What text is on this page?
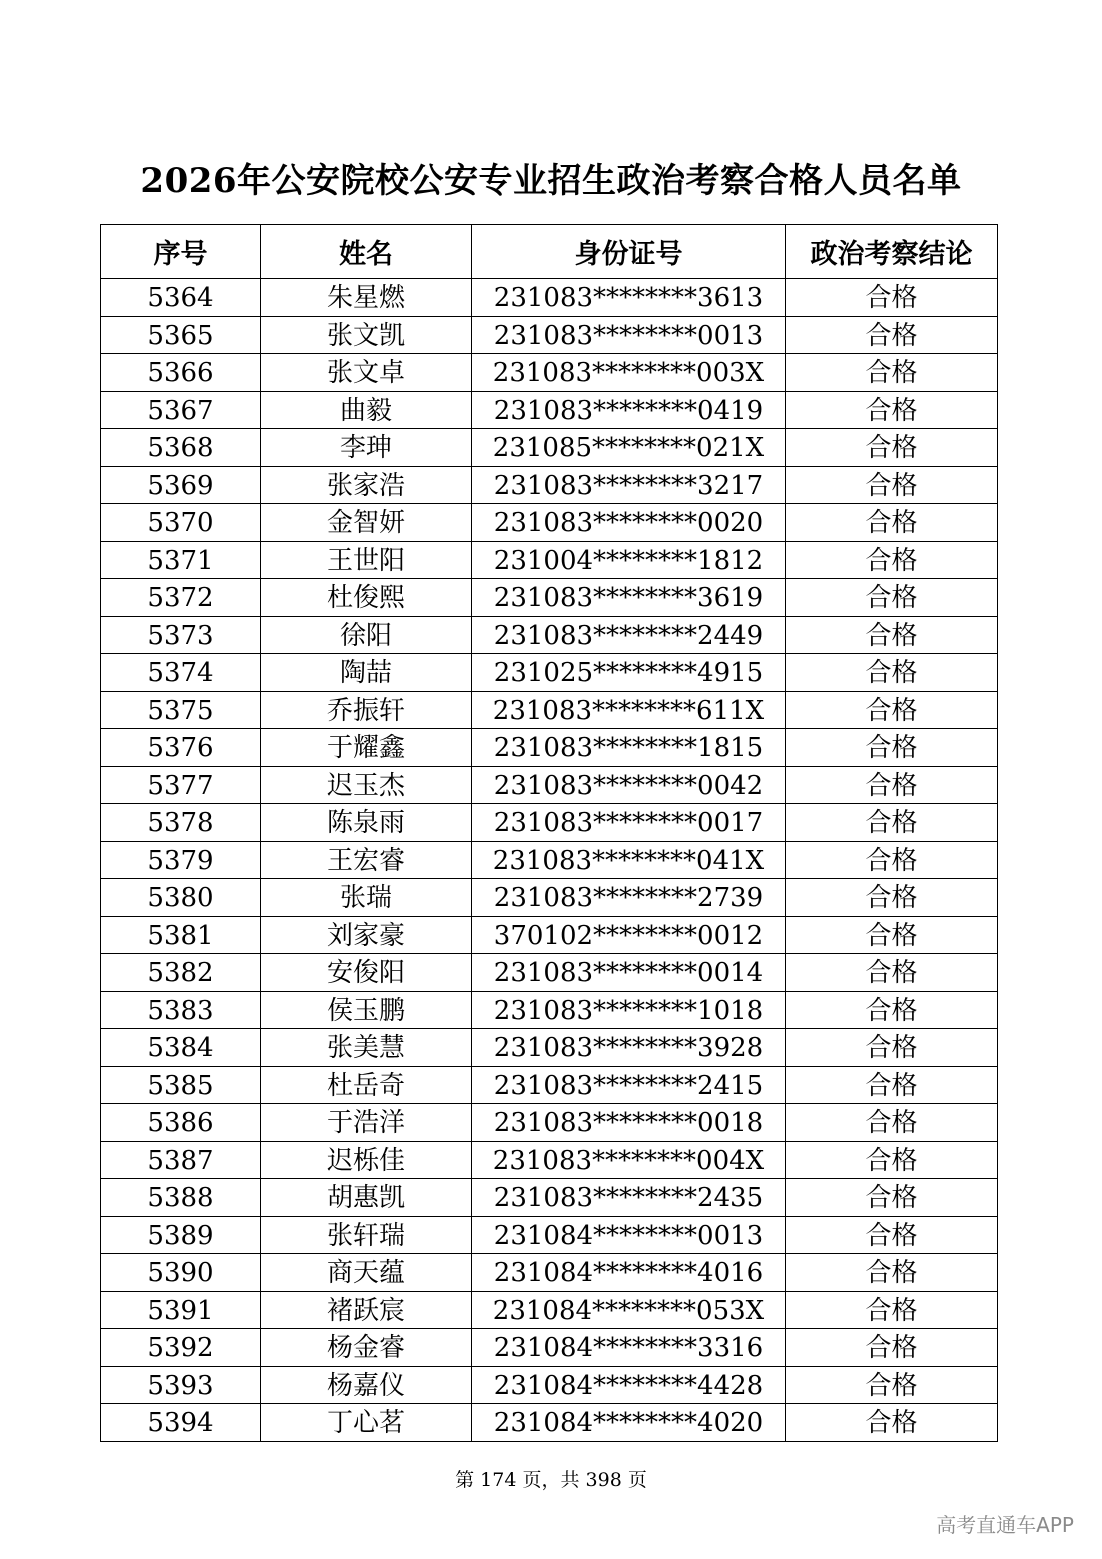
2026年公安院校公安专业招生政治考察合格人员名单
序号	姓名	身份证号	政治考察结论
5364	朱星燃	231083********3613	合格
5365	张文凯	231083********0013	合格
5366	张文卓	231083********003X	合格
5367	曲毅	231083********0419	合格
5368	李珅	231085********021X	合格
5369	张家浩	231083********3217	合格
5370	金智妍	231083********0020	合格
5371	王世阳	231004********1812	合格
5372	杜俊熙	231083********3619	合格
5373	徐阳	231083********2449	合格
5374	陶喆	231025********4915	合格
5375	乔振轩	231083********611X	合格
5376	于耀鑫	231083********1815	合格
5377	迟玉杰	231083********0042	合格
5378	陈泉雨	231083********0017	合格
5379	王宏睿	231083********041X	合格
5380	张瑞	231083********2739	合格
5381	刘家豪	370102********0012	合格
5382	安俊阳	231083********0014	合格
5383	侯玉鹏	231083********1018	合格
5384	张美慧	231083********3928	合格
5385	杜岳奇	231083********2415	合格
5386	于浩洋	231083********0018	合格
5387	迟栎佳	231083********004X	合格
5388	胡惠凯	231083********2435	合格
5389	张轩瑞	231084********0013	合格
5390	商天蕴	231084********4016	合格
5391	褚跃宸	231084********053X	合格
5392	杨金睿	231084********3316	合格
5393	杨嘉仪	231084********4428	合格
5394	丁心茗	231084********4020	合格
第 174 页，共 398 页
高考直通车APP
